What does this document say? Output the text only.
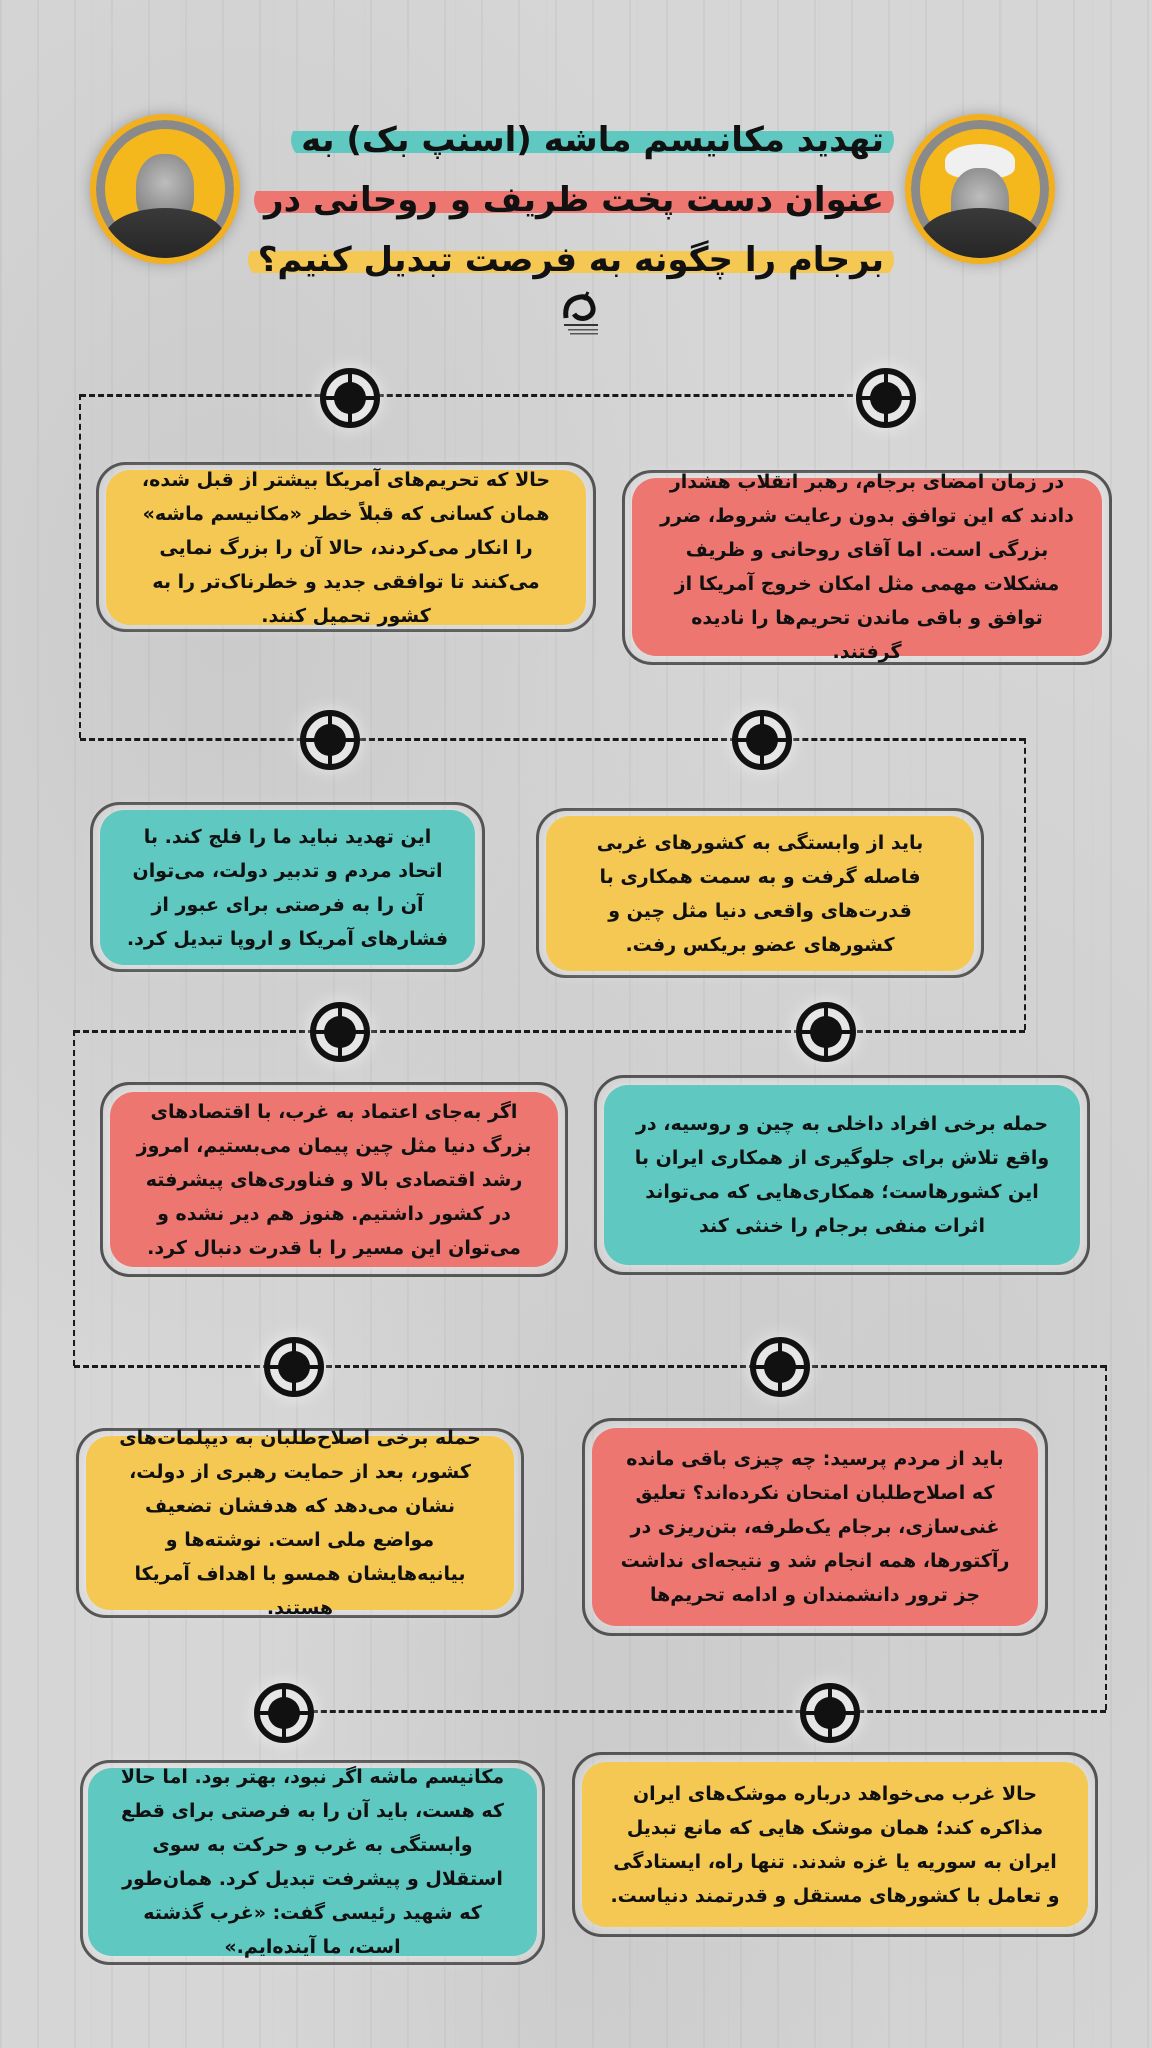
تهدید مکانیسم ماشه (اسنپ بک) به
عنوان دست پخت ظریف و روحانی در
برجام را چگونه به فرصت تبدیل کنیم؟
در زمان امضای برجام، رهبر انقلاب هشدار دادند که این توافق بدون رعایت شروط، ضرر بزرگی است. اما آقای روحانی و ظریف مشکلات مهمی مثل امکان خروج آمریکا از توافق و باقی ماندن تحریم‌ها را نادیده گرفتند.
حالا که تحریم‌های آمریکا بیشتر از قبل شده، همان کسانی که قبلاً خطر «مکانیسم ماشه» را انکار می‌کردند، حالا آن را بزرگ نمایی می‌کنند تا توافقی جدید و خطرناک‌تر را به کشور تحمیل کنند.
باید از وابستگی به کشورهای غربی فاصله گرفت و به سمت همکاری با قدرت‌های واقعی دنیا مثل چین و کشورهای عضو بریکس رفت.
این تهدید نباید ما را فلج کند. با اتحاد مردم و تدبیر دولت، می‌توان آن را به فرصتی برای عبور از فشارهای آمریکا و اروپا تبدیل کرد.
حمله برخی افراد داخلی به چین و روسیه، در واقع تلاش برای جلوگیری از همکاری ایران با این کشورهاست؛ همکاری‌هایی که می‌تواند اثرات منفی برجام را خنثی کند
اگر به‌جای اعتماد به غرب، با اقتصادهای بزرگ دنیا مثل چین پیمان می‌بستیم، امروز رشد اقتصادی بالا و فناوری‌های پیشرفته در کشور داشتیم. هنوز هم دیر نشده و می‌توان این مسیر را با قدرت دنبال کرد.
باید از مردم پرسید: چه چیزی باقی مانده که اصلاح‌طلبان امتحان نکرده‌اند؟ تعلیق غنی‌سازی، برجام یک‌طرفه، بتن‌ریزی در رآکتورها، همه انجام شد و نتیجه‌ای نداشت جز ترور دانشمندان و ادامه تحریم‌ها
حمله برخی اصلاح‌طلبان به دیپلمات‌های کشور، بعد از حمایت رهبری از دولت، نشان می‌دهد که هدفشان تضعیف مواضع ملی است. نوشته‌ها و بیانیه‌هایشان همسو با اهداف آمریکا هستند.
حالا غرب می‌خواهد درباره موشک‌های ایران مذاکره کند؛ همان موشک هایی که مانع تبدیل ایران به سوریه یا غزه شدند. تنها راه، ایستادگی و تعامل با کشورهای مستقل و قدرتمند دنیاست.
مکانیسم ماشه اگر نبود، بهتر بود. اما حالا که هست، باید آن را به فرصتی برای قطع وابستگی به غرب و حرکت به سوی استقلال و پیشرفت تبدیل کرد. همان‌طور که شهید رئیسی گفت: «غرب گذشته است، ما آینده‌ایم.»
